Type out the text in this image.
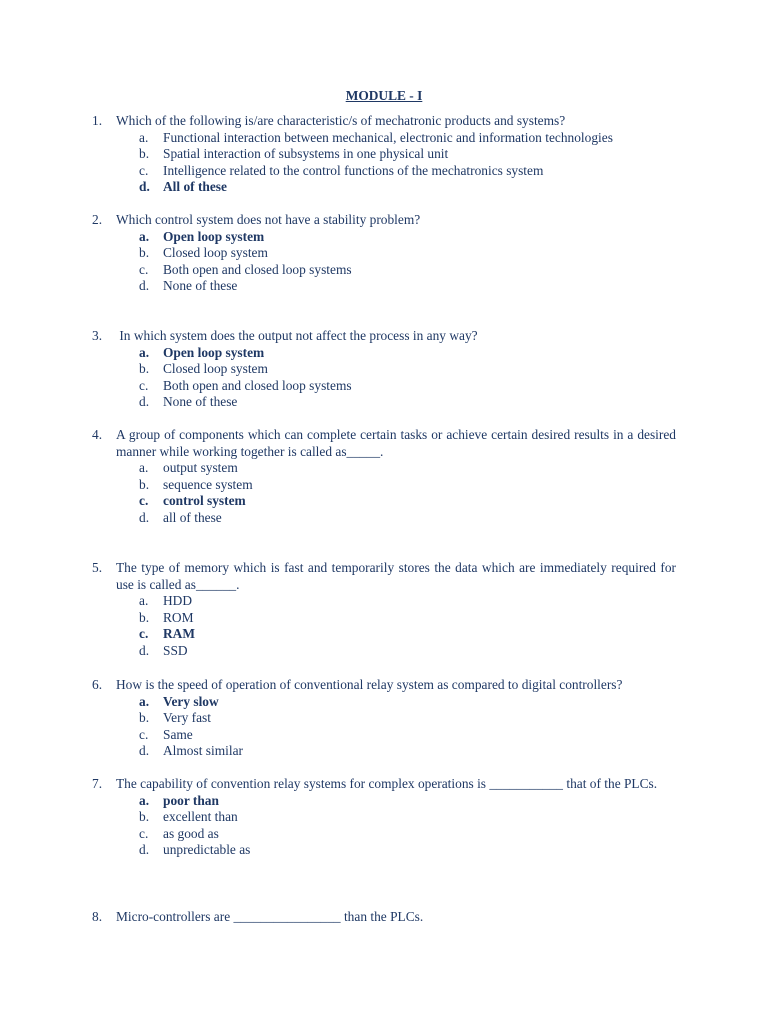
MODULE - I
1.	Which of the following is/are characteristic/s of mechatronic products and systems?
a.	Functional interaction between mechanical, electronic and information technologies
b.	Spatial interaction of subsystems in one physical unit
c.	Intelligence related to the control functions of the mechatronics system
d. All of these
2.	Which control system does not have a stability problem?
a.	Open loop system
b.	Closed loop system
c.	Both open and closed loop systems
d.	None of these
3.	In which system does the output not affect the process in any way?
a.	Open loop system
b.	Closed loop system
c.	Both open and closed loop systems
d.	None of these
4.	A group of components which can complete certain tasks or achieve certain desired results in a desired manner while working together is called as_____.
a.	output system
b.	sequence system
c.	control system
d.	all of these
5.	The type of memory which is fast and temporarily stores the data which are immediately required for use is called as______.
a.	HDD
b.	ROM
c.	RAM
d.	SSD
6.	How is the speed of operation of conventional relay system as compared to digital controllers?
a.	Very slow
b.	Very fast
c.	Same
d.	Almost similar
7.	The capability of convention relay systems for complex operations is ___________ that of the PLCs.
a.	poor than
b.	excellent than
c.	as good as
d.	unpredictable as
8.	Micro-controllers are ________________ than the PLCs.
